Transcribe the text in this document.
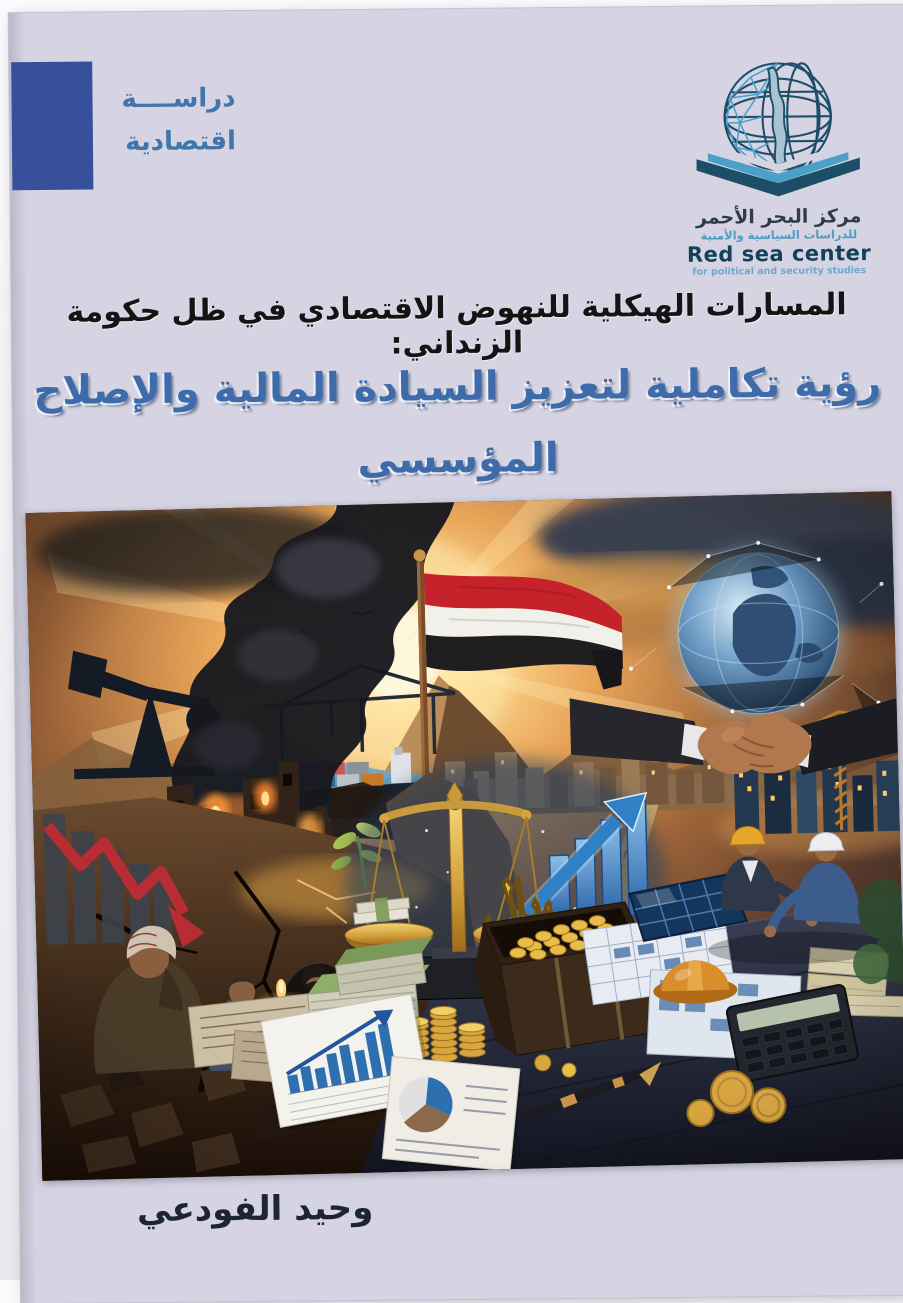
دراســــة
اقتصادية
مركز البحر الأحمر
للدراسات السياسية والأمنية
Red sea center
for political and security studies
المسارات الهيكلية للنهوض الاقتصادي في ظل حكومة الزنداني:
رؤية تكاملية لتعزيز السيادة المالية والإصلاح المؤسسي
وحيد الفودعي
